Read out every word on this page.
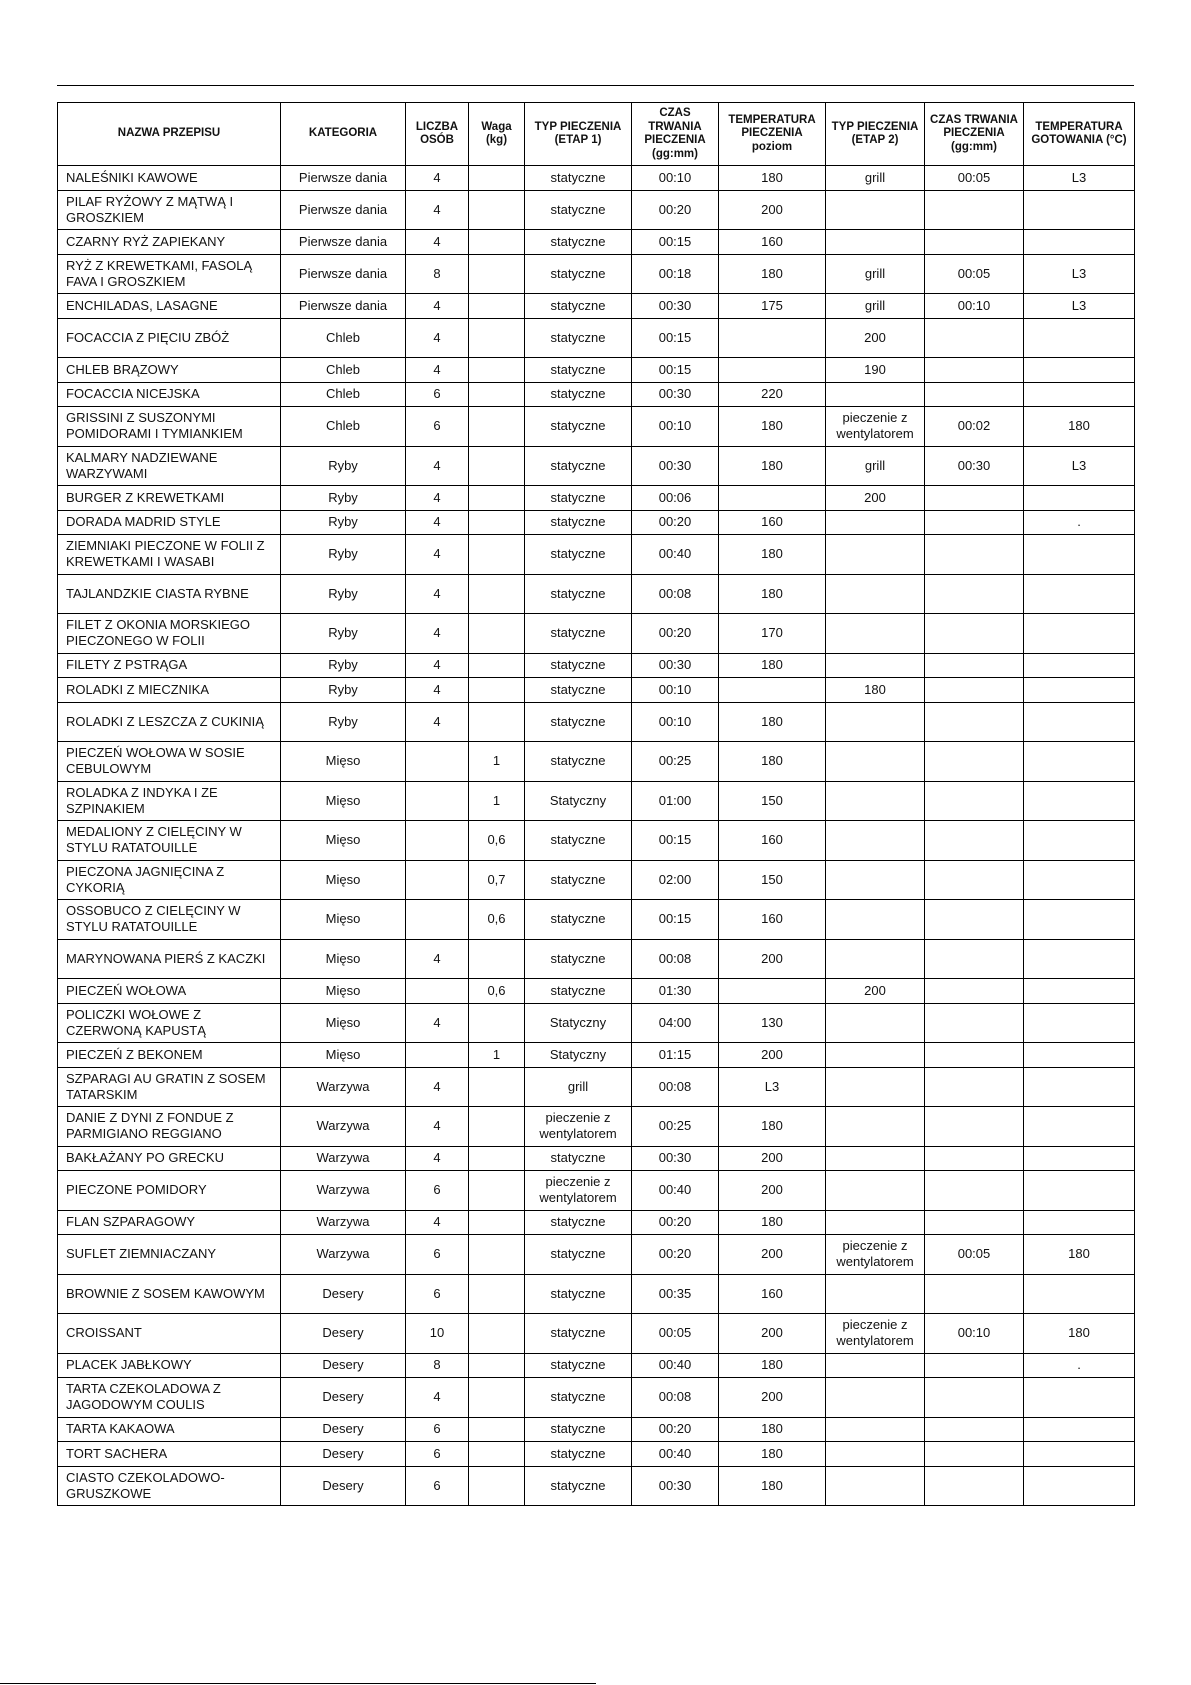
NAZWA PRZEPISU	KATEGORIA	LICZBA OSÓB	Waga (kg)	TYP PIECZENIA (ETAP 1)	CZAS TRWANIA PIECZENIA (gg:mm)	TEMPERATURA PIECZENIA poziom	TYP PIECZENIA (ETAP 2)	CZAS TRWANIA PIECZENIA (gg:mm)	TEMPERATURA GOTOWANIA (°C)
NALEŚNIKI KAWOWE	Pierwsze dania	4		statyczne	00:10	180	grill	00:05	L3
PILAF RYŻOWY Z MĄTWĄ I GROSZKIEM	Pierwsze dania	4		statyczne	00:20	200			
CZARNY RYŻ ZAPIEKANY	Pierwsze dania	4		statyczne	00:15	160			
RYŻ Z KREWETKAMI, FASOLĄ FAVA I GROSZKIEM	Pierwsze dania	8		statyczne	00:18	180	grill	00:05	L3
ENCHILADAS, LASAGNE	Pierwsze dania	4		statyczne	00:30	175	grill	00:10	L3
FOCACCIA Z PIĘCIU ZBÓŻ	Chleb	4		statyczne	00:15		200		
CHLEB BRĄZOWY	Chleb	4		statyczne	00:15		190		
FOCACCIA NICEJSKA	Chleb	6		statyczne	00:30	220			
GRISSINI Z SUSZONYMI POMIDORAMI I TYMIANKIEM	Chleb	6		statyczne	00:10	180	pieczenie z wentylatorem	00:02	180
KALMARY NADZIEWANE WARZYWAMI	Ryby	4		statyczne	00:30	180	grill	00:30	L3
BURGER Z KREWETKAMI	Ryby	4		statyczne	00:06		200		
DORADA MADRID STYLE	Ryby	4		statyczne	00:20	160			.
ZIEMNIAKI PIECZONE W FOLII Z KREWETKAMI I WASABI	Ryby	4		statyczne	00:40	180			
TAJLANDZKIE CIASTA RYBNE	Ryby	4		statyczne	00:08	180			
FILET Z OKONIA MORSKIEGO PIECZONEGO W FOLII	Ryby	4		statyczne	00:20	170			
FILETY Z PSTRĄGA	Ryby	4		statyczne	00:30	180			
ROLADKI Z MIECZNIKA	Ryby	4		statyczne	00:10		180		
ROLADKI Z LESZCZA Z CUKINIĄ	Ryby	4		statyczne	00:10	180			
PIECZEŃ WOŁOWA W SOSIE CEBULOWYM	Mięso		1	statyczne	00:25	180			
ROLADKA Z INDYKA I ZE SZPINAKIEM	Mięso		1	Statyczny	01:00	150			
MEDALIONY Z CIELĘCINY W STYLU RATATOUILLE	Mięso		0,6	statyczne	00:15	160			
PIECZONA JAGNIĘCINA Z CYKORIĄ	Mięso		0,7	statyczne	02:00	150			
OSSOBUCO Z CIELĘCINY W STYLU RATATOUILLE	Mięso		0,6	statyczne	00:15	160			
MARYNOWANA PIERŚ Z KACZKI	Mięso	4		statyczne	00:08	200			
PIECZEŃ WOŁOWA	Mięso		0,6	statyczne	01:30		200		
POLICZKI WOŁOWE Z CZERWONĄ KAPUSTĄ	Mięso	4		Statyczny	04:00	130			
PIECZEŃ Z BEKONEM	Mięso		1	Statyczny	01:15	200			
SZPARAGI AU GRATIN Z SOSEM TATARSKIM	Warzywa	4		grill	00:08	L3			
DANIE Z DYNI Z FONDUE Z PARMIGIANO REGGIANO	Warzywa	4		pieczenie z wentylatorem	00:25	180			
BAKŁAŻANY PO GRECKU	Warzywa	4		statyczne	00:30	200			
PIECZONE POMIDORY	Warzywa	6		pieczenie z wentylatorem	00:40	200			
FLAN SZPARAGOWY	Warzywa	4		statyczne	00:20	180			
SUFLET ZIEMNIACZANY	Warzywa	6		statyczne	00:20	200	pieczenie z wentylatorem	00:05	180
BROWNIE Z SOSEM KAWOWYM	Desery	6		statyczne	00:35	160			
CROISSANT	Desery	10		statyczne	00:05	200	pieczenie z wentylatorem	00:10	180
PLACEK JABŁKOWY	Desery	8		statyczne	00:40	180			.
TARTA CZEKOLADOWA Z JAGODOWYM COULIS	Desery	4		statyczne	00:08	200			
TARTA KAKAOWA	Desery	6		statyczne	00:20	180			
TORT SACHERA	Desery	6		statyczne	00:40	180			
CIASTO CZEKOLADOWO-GRUSZKOWE	Desery	6		statyczne	00:30	180			
